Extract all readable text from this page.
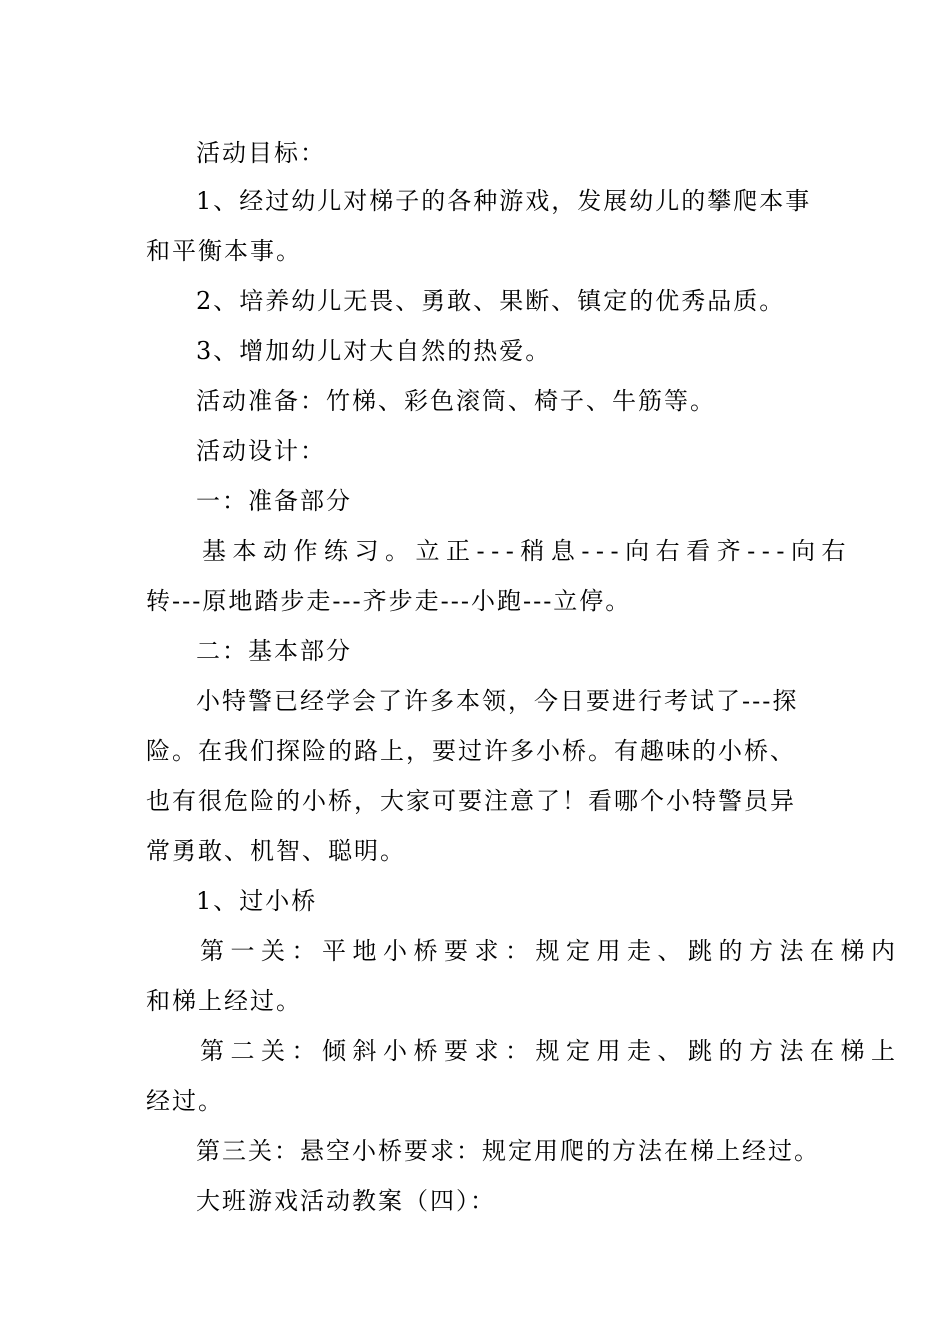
活动目标：
1、经过幼儿对梯子的各种游戏，发展幼儿的攀爬本事
和平衡本事。
2、培养幼儿无畏、勇敢、果断、镇定的优秀品质。
3、增加幼儿对大自然的热爱。
活动准备：竹梯、彩色滚筒、椅子、牛筋等。
活动设计：
一：准备部分
基本动作练习。立正---稍息---向右看齐---向右
转---原地踏步走---齐步走---小跑---立停。
二：基本部分
小特警已经学会了许多本领，今日要进行考试了---探
险。在我们探险的路上，要过许多小桥。有趣味的小桥、
也有很危险的小桥，大家可要注意了！看哪个小特警员异
常勇敢、机智、聪明。
1、过小桥
第一关：平地小桥要求：规定用走、跳的方法在梯内
和梯上经过。
第二关：倾斜小桥要求：规定用走、跳的方法在梯上
经过。
第三关：悬空小桥要求：规定用爬的方法在梯上经过。
大班游戏活动教案（四）：
